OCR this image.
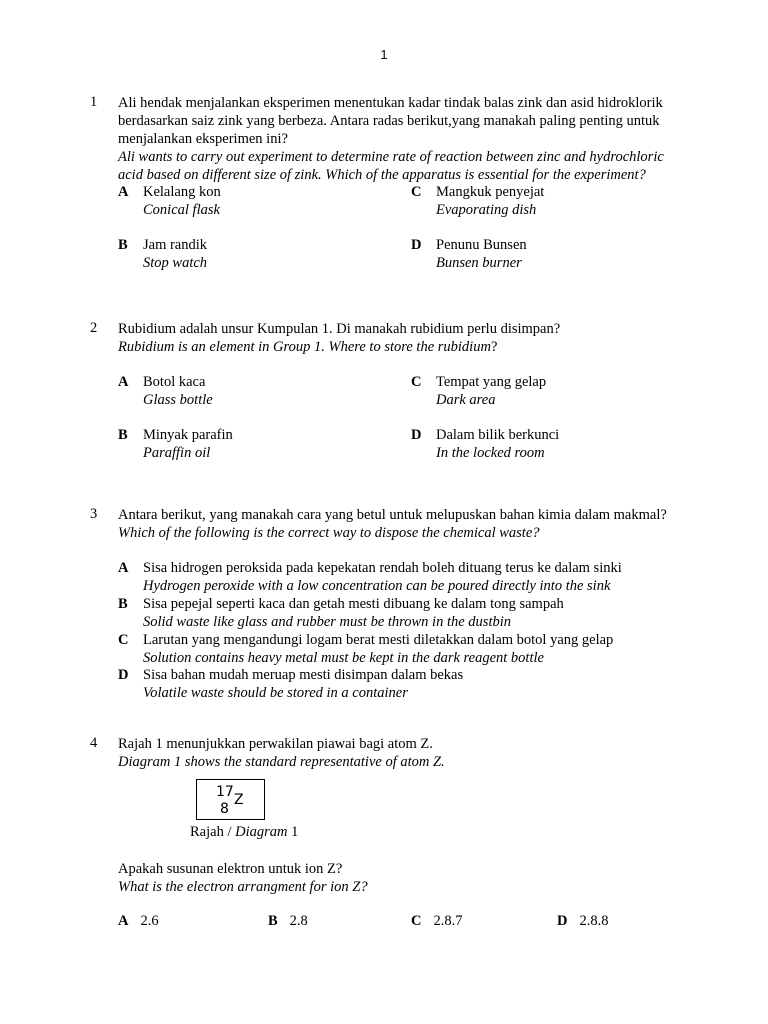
1
1 Ali hendak menjalankan eksperimen menentukan kadar tindak balas zink dan asid hidroklorik
berdasarkan saiz zink yang berbeza. Antara radas berikut,yang manakah paling penting untuk
menjalankan eksperimen ini?
Ali wants to carry out experiment to determine rate of reaction between zinc and hydrochloric
acid based on different size of zink. Which of the apparatus is essential for the experiment?
A Kelalang kon
Conical flask
C Mangkuk penyejat
Evaporating dish
B Jam randik
Stop watch
D Penunu Bunsen
Bunsen burner
2 Rubidium adalah unsur Kumpulan 1. Di manakah rubidium perlu disimpan?
Rubidium is an element in Group 1. Where to store the rubidium?
A Botol kaca
Glass bottle
C Tempat yang gelap
Dark area
B Minyak parafin
Paraffin oil
D Dalam bilik berkunci
In the locked room
3 Antara berikut, yang manakah cara yang betul untuk melupuskan bahan kimia dalam makmal?
Which of the following is the correct way to dispose the chemical waste?
A Sisa hidrogen peroksida pada kepekatan rendah boleh dituang terus ke dalam sinki
Hydrogen peroxide with a low concentration can be poured directly into the sink
B Sisa pepejal seperti kaca dan getah mesti dibuang ke dalam tong sampah
Solid waste like glass and rubber must be thrown in the dustbin
C Larutan yang mengandungi logam berat mesti diletakkan dalam botol yang gelap
Solution contains heavy metal must be kept in the dark reagent bottle
D Sisa bahan mudah meruap mesti disimpan dalam bekas
Volatile waste should be stored in a container
4 Rajah 1 menunjukkan perwakilan piawai bagi atom Z.
Diagram 1 shows the standard representative of atom Z.
17
8
Z
Rajah / Diagram 1
Apakah susunan elektron untuk ion Z?
What is the electron arrangment for ion Z?
A 2.6	B 2.8	C 2.8.7	D 2.8.8
